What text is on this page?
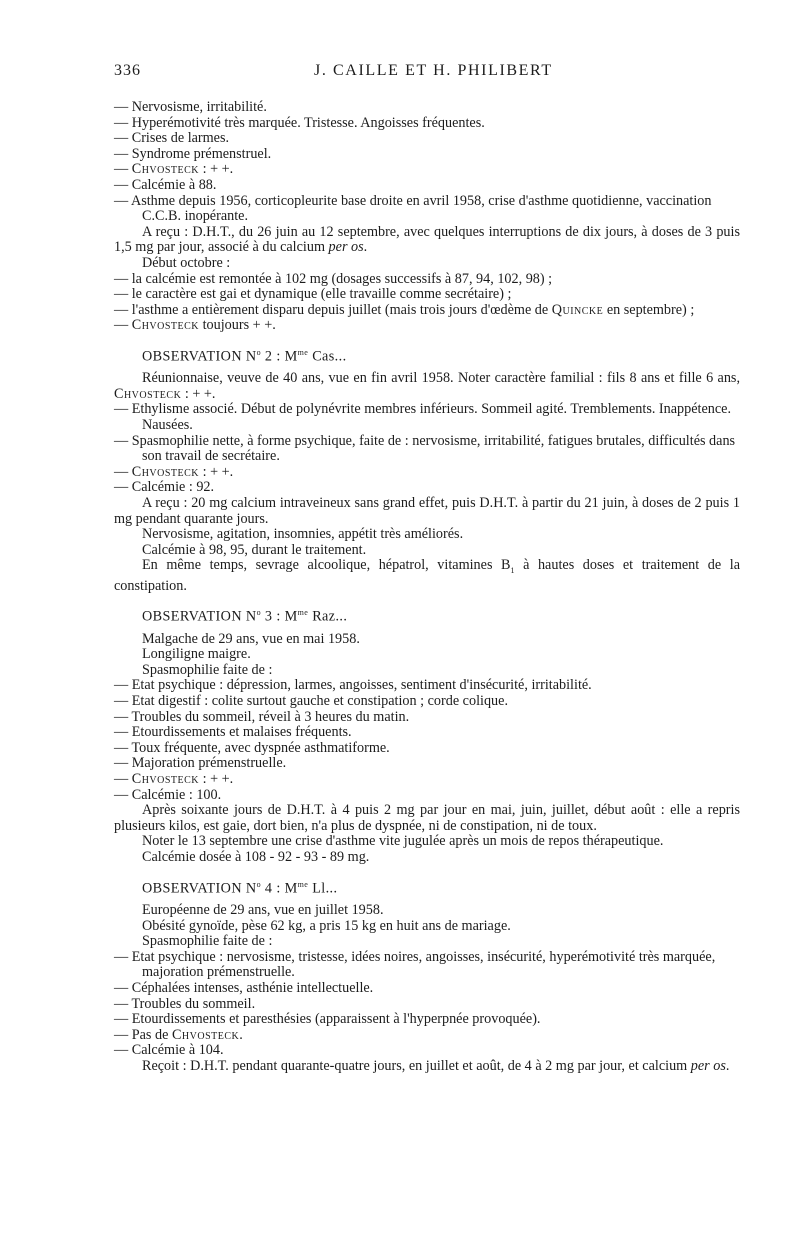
336	J. CAILLE ET H. PHILIBERT
— Nervosisme, irritabilité.
— Hyperémotivité très marquée. Tristesse. Angoisses fréquentes.
— Crises de larmes.
— Syndrome prémenstruel.
— Chvosteck : + +.
— Calcémie à 88.
— Asthme depuis 1956, corticopleurite base droite en avril 1958, crise d'asthme quotidienne, vaccination C.C.B. inopérante.
A reçu : D.H.T., du 26 juin au 12 septembre, avec quelques interruptions de dix jours, à doses de 3 puis 1,5 mg par jour, associé à du calcium per os.
Début octobre :
— la calcémie est remontée à 102 mg (dosages successifs à 87, 94, 102, 98) ;
— le caractère est gai et dynamique (elle travaille comme secrétaire) ;
— l'asthme a entièrement disparu depuis juillet (mais trois jours d'œdème de Quincke en septembre) ;
— Chvosteck toujours + +.
OBSERVATION $N^o$ 2 : $M^{me}$ Cas...
Réunionnaise, veuve de 40 ans, vue en fin avril 1958. Noter caractère familial : fils 8 ans et fille 6 ans, Chvosteck : + +.
— Ethylisme associé. Début de polynévrite membres inférieurs. Sommeil agité. Tremblements. Inappétence. Nausées.
— Spasmophilie nette, à forme psychique, faite de : nervosisme, irritabilité, fatigues brutales, difficultés dans son travail de secrétaire.
— Chvosteck : + +.
— Calcémie : 92.
A reçu : 20 mg calcium intraveineux sans grand effet, puis D.H.T. à partir du 21 juin, à doses de 2 puis 1 mg pendant quarante jours.
Nervosisme, agitation, insomnies, appétit très améliorés.
Calcémie à 98, 95, durant le traitement.
En même temps, sevrage alcoolique, hépatrol, vitamines $B_1$ à hautes doses et traitement de la constipation.
OBSERVATION $N^o$ 3 : $M^{me}$ Raz...
Malgache de 29 ans, vue en mai 1958.
Longiligne maigre.
Spasmophilie faite de :
— Etat psychique : dépression, larmes, angoisses, sentiment d'insécurité, irritabilité.
— Etat digestif : colite surtout gauche et constipation ; corde colique.
— Troubles du sommeil, réveil à 3 heures du matin.
— Etourdissements et malaises fréquents.
— Toux fréquente, avec dyspnée asthmatiforme.
— Majoration prémenstruelle.
— Chvosteck : + +.
— Calcémie : 100.
Après soixante jours de D.H.T. à 4 puis 2 mg par jour en mai, juin, juillet, début août : elle a repris plusieurs kilos, est gaie, dort bien, n'a plus de dyspnée, ni de constipation, ni de toux.
Noter le 13 septembre une crise d'asthme vite jugulée après un mois de repos thérapeutique.
Calcémie dosée à 108 - 92 - 93 - 89 mg.
OBSERVATION $N^o$ 4 : $M^{me}$ Ll...
Européenne de 29 ans, vue en juillet 1958.
Obésité gynoïde, pèse 62 kg, a pris 15 kg en huit ans de mariage.
Spasmophilie faite de :
— Etat psychique : nervosisme, tristesse, idées noires, angoisses, insécurité, hyperémotivité très marquée, majoration prémenstruelle.
— Céphalées intenses, asthénie intellectuelle.
— Troubles du sommeil.
— Etourdissements et paresthésies (apparaissent à l'hyperpnée provoquée).
— Pas de Chvosteck.
— Calcémie à 104.
Reçoit : D.H.T. pendant quarante-quatre jours, en juillet et août, de 4 à 2 mg par jour, et calcium per os.
